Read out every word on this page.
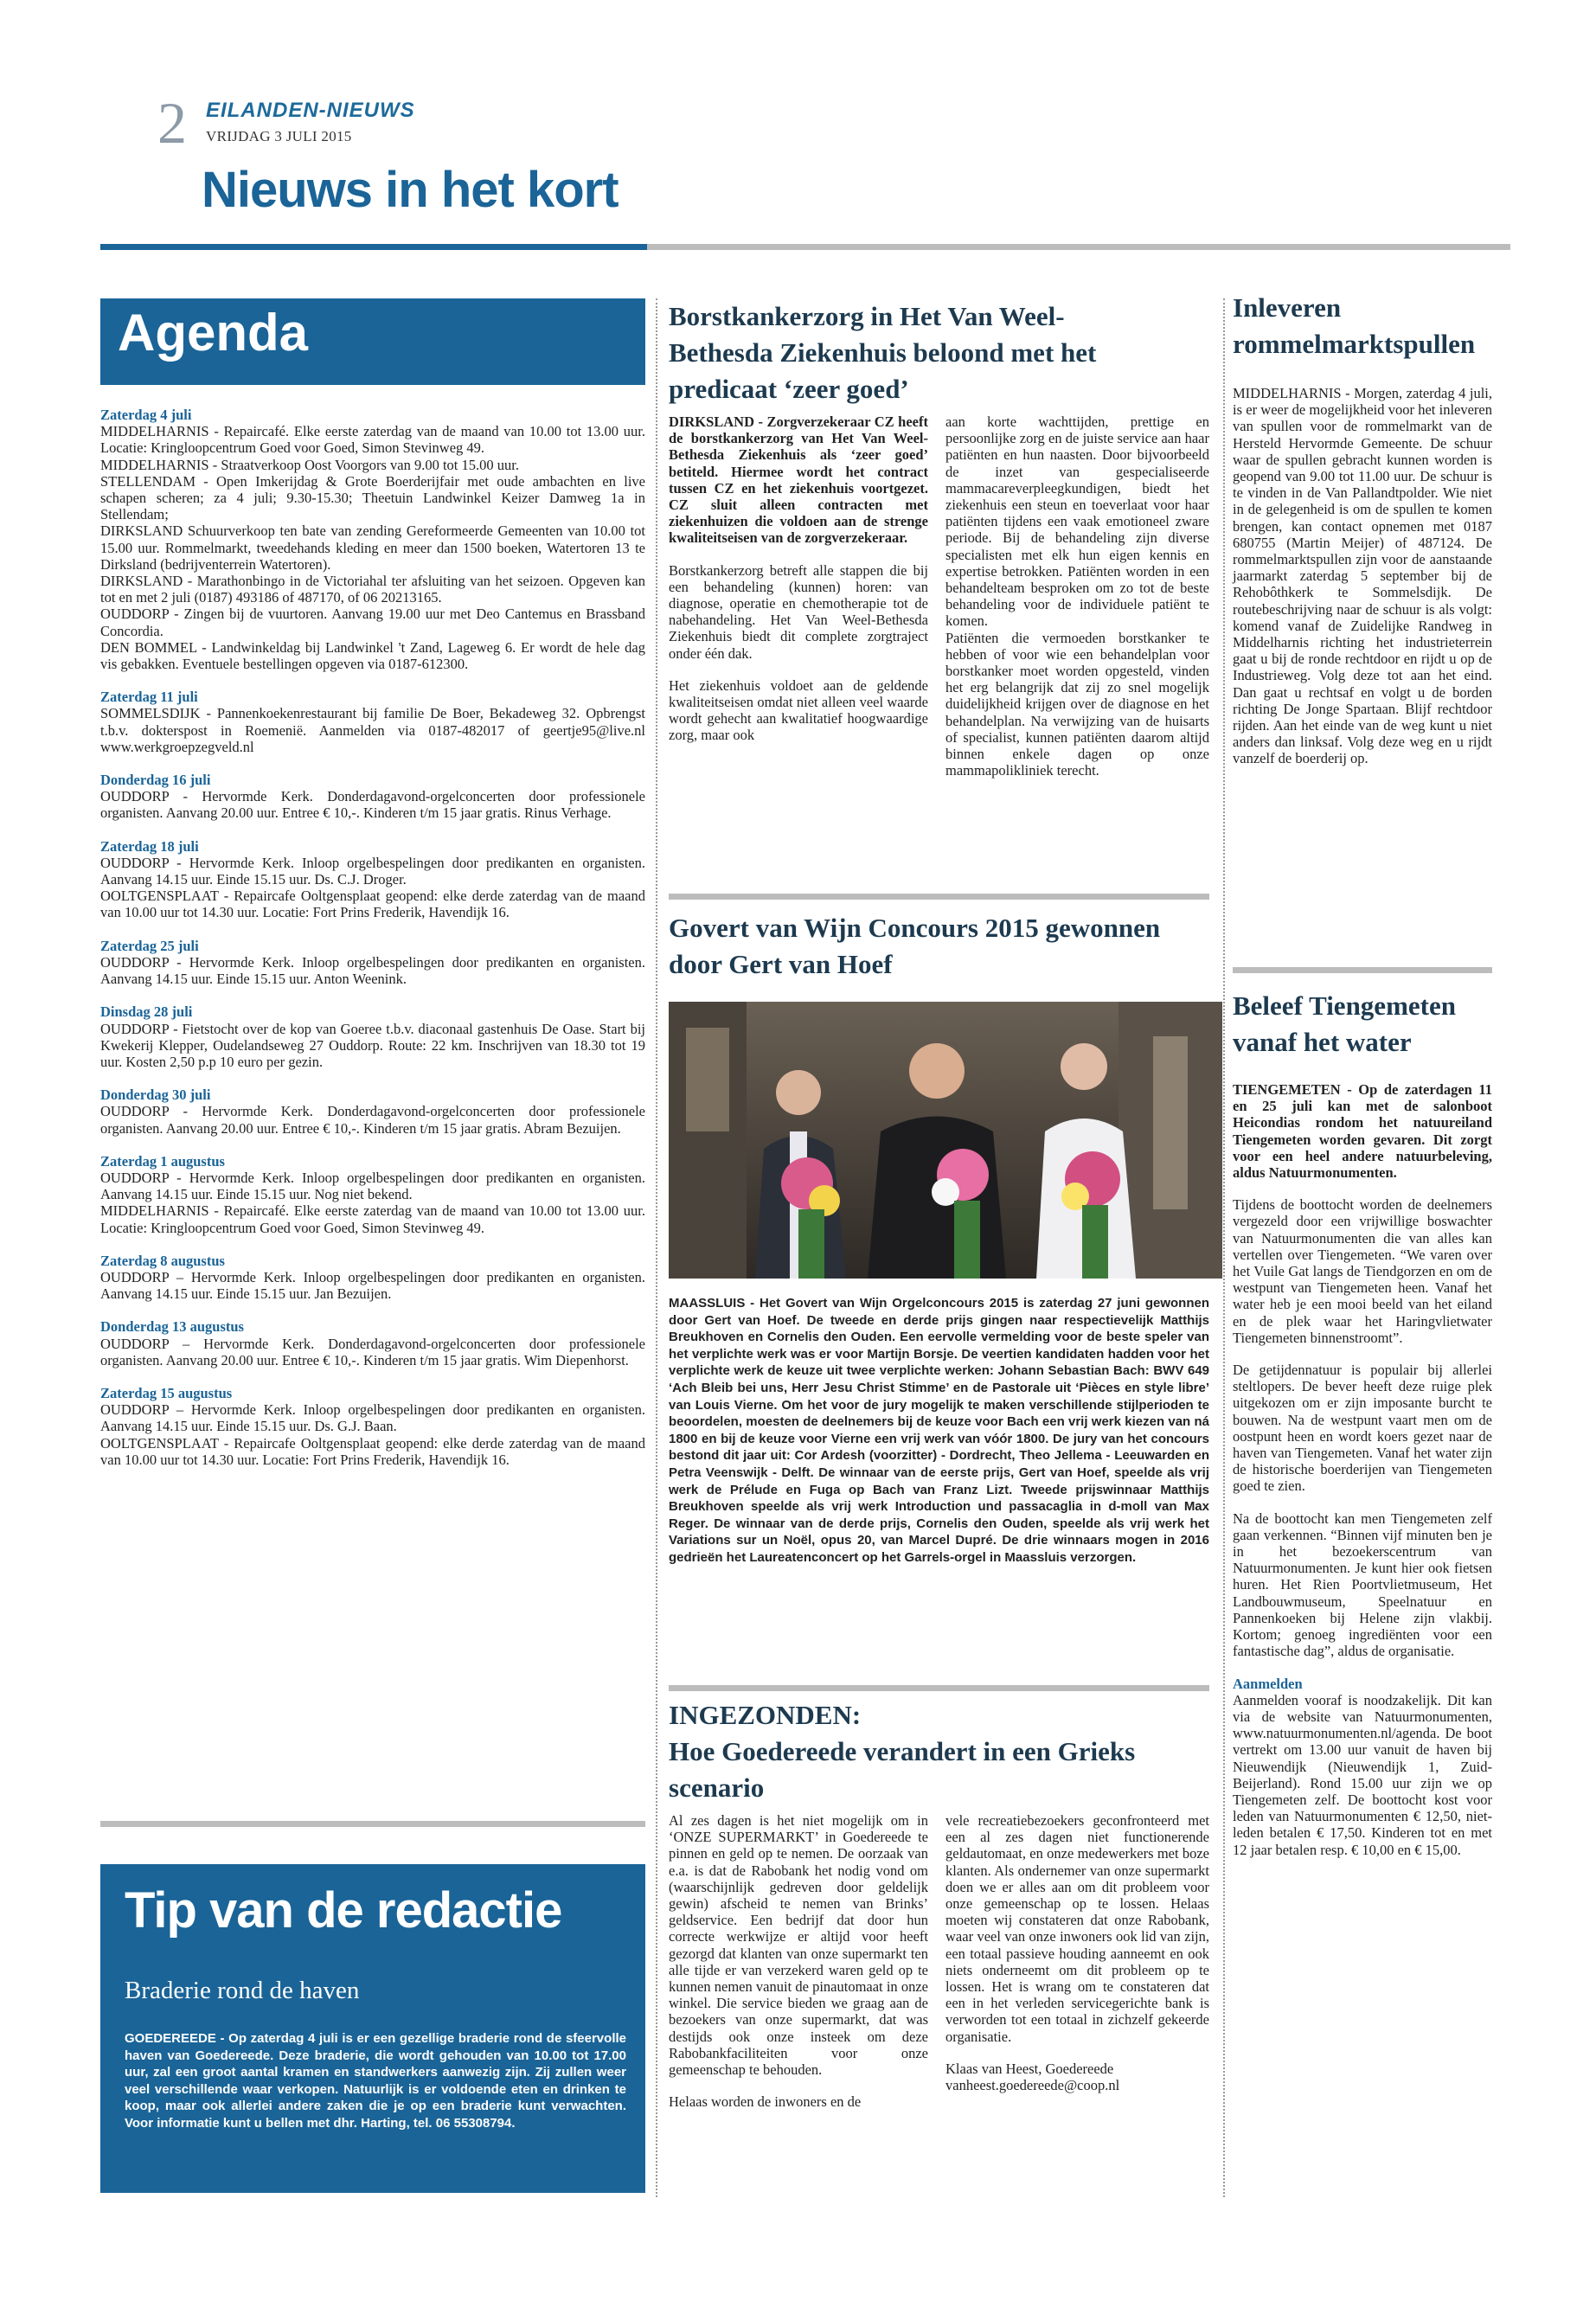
2 EILANDEN-NIEUWS
VRIJDAG 3 JULI 2015
Nieuws in het kort
Agenda
Zaterdag 4 juli
MIDDELHARNIS - Repaircafé. Elke eerste zaterdag van de maand van 10.00 tot 13.00 uur. Locatie: Kringloopcentrum Goed voor Goed, Simon Stevinweg 49.
MIDDELHARNIS - Straatverkoop Oost Voorgors van 9.00 tot 15.00 uur.
STELLENDAM - Open Imkerijdag & Grote Boerderijfair met oude ambachten en live schapen scheren; za 4 juli; 9.30-15.30; Theetuin Landwinkel Keizer Damweg 1a in Stellendam;
DIRKSLAND Schuurverkoop ten bate van zending Gereformeerde Gemeenten van 10.00 tot 15.00 uur. Rommelmarkt, tweedehands kleding en meer dan 1500 boeken, Watertoren 13 te Dirksland (bedrijventerrein Watertoren).
DIRKSLAND - Marathonbingo in de Victoriahal ter afsluiting van het seizoen. Opgeven kan tot en met 2 juli (0187) 493186 of 487170, of 06 20213165.
OUDDORP - Zingen bij de vuurtoren. Aanvang 19.00 uur met Deo Cantemus en Brassband Concordia.
DEN BOMMEL - Landwinkeldag bij Landwinkel 't Zand, Lageweg 6. Er wordt de hele dag vis gebakken. Eventuele bestellingen opgeven via 0187-612300.
Zaterdag 11 juli
SOMMELSDIJK - Pannenkoekenrestaurant bij familie De Boer, Bekadeweg 32. Opbrengst t.b.v. dokterspost in Roemenië. Aanmelden via 0187-482017 of geertje95@live.nl www.werkgroepzegveld.nl
Donderdag 16 juli
OUDDORP - Hervormde Kerk. Donderdagavond-orgelconcerten door professionele organisten. Aanvang 20.00 uur. Entree € 10,-. Kinderen t/m 15 jaar gratis. Rinus Verhage.
Zaterdag 18 juli
OUDDORP - Hervormde Kerk. Inloop orgelbespelingen door predikanten en organisten. Aanvang 14.15 uur. Einde 15.15 uur. Ds. C.J. Droger.
OOLTGENSPLAAT - Repaircafe Ooltgensplaat geopend: elke derde zaterdag van de maand van 10.00 uur tot 14.30 uur. Locatie: Fort Prins Frederik, Havendijk 16.
Zaterdag 25 juli
OUDDORP - Hervormde Kerk. Inloop orgelbespelingen door predikanten en organisten. Aanvang 14.15 uur. Einde 15.15 uur. Anton Weenink.
Dinsdag 28 juli
OUDDORP - Fietstocht over de kop van Goeree t.b.v. diaconaal gastenhuis De Oase. Start bij Kwekerij Klepper, Oudelandseweg 27 Ouddorp. Route: 22 km. Inschrijven van 18.30 tot 19 uur. Kosten 2,50 p.p 10 euro per gezin.
Donderdag 30 juli
OUDDORP - Hervormde Kerk. Donderdagavond-orgelconcerten door professionele organisten. Aanvang 20.00 uur. Entree € 10,-. Kinderen t/m 15 jaar gratis. Abram Bezuijen.
Zaterdag 1 augustus
OUDDORP - Hervormde Kerk. Inloop orgelbespelingen door predikanten en organisten. Aanvang 14.15 uur. Einde 15.15 uur. Nog niet bekend.
MIDDELHARNIS - Repaircafé. Elke eerste zaterdag van de maand van 10.00 tot 13.00 uur. Locatie: Kringloopcentrum Goed voor Goed, Simon Stevinweg 49.
Zaterdag 8 augustus
OUDDORP – Hervormde Kerk. Inloop orgelbespelingen door predikanten en organisten. Aanvang 14.15 uur. Einde 15.15 uur. Jan Bezuijen.
Donderdag 13 augustus
OUDDORP – Hervormde Kerk. Donderdagavond-orgelconcerten door professionele organisten. Aanvang 20.00 uur. Entree € 10,-. Kinderen t/m 15 jaar gratis. Wim Diepenhorst.
Zaterdag 15 augustus
OUDDORP – Hervormde Kerk. Inloop orgelbespelingen door predikanten en organisten. Aanvang 14.15 uur. Einde 15.15 uur. Ds. G.J. Baan.
OOLTGENSPLAAT - Repaircafe Ooltgensplaat geopend: elke derde zaterdag van de maand van 10.00 uur tot 14.30 uur. Locatie: Fort Prins Frederik, Havendijk 16.
Tip van de redactie
Braderie rond de haven
GOEDEREEDE - Op zaterdag 4 juli is er een gezellige braderie rond de sfeervolle haven van Goedereede. Deze braderie, die wordt gehouden van 10.00 tot 17.00 uur, zal een groot aantal kramen en standwerkers aanwezig zijn. Zij zullen weer veel verschillende waar verkopen. Natuurlijk is er voldoende eten en drinken te koop, maar ook allerlei andere zaken die je op een braderie kunt verwachten. Voor informatie kunt u bellen met dhr. Harting, tel. 06 55308794.
Borstkankerzorg in Het Van Weel-Bethesda Ziekenhuis beloond met het predicaat ‘zeer goed’

DIRKSLAND - Zorgverzekeraar CZ heeft de borstkankerzorg van Het Van Weel-Bethesda Ziekenhuis als ‘zeer goed’ betiteld. Hiermee wordt het contract tussen CZ en het ziekenhuis voortgezet. CZ sluit alleen contracten met ziekenhuizen die voldoen aan de strenge kwaliteitseisen van de zorgverzekeraar.

Borstkankerzorg betreft alle stappen die bij een behandeling (kunnen) horen: van diagnose, operatie en chemotherapie tot de nabehandeling. Het Van Weel-Bethesda Ziekenhuis biedt dit complete zorgtraject onder één dak.

Het ziekenhuis voldoet aan de geldende kwaliteitseisen omdat niet alleen veel waarde wordt gehecht aan kwalitatief hoogwaardige zorg, maar ook

aan korte wachttijden, prettige en persoonlijke zorg en de juiste service aan haar patiënten en hun naasten. Door bijvoorbeeld de inzet van gespecialiseerde mammacareverpleegkundigen, biedt het ziekenhuis een steun en toeverlaat voor haar patiënten tijdens een vaak emotioneel zware periode. Bij de behandeling zijn diverse specialisten met elk hun eigen kennis en expertise betrokken. Patiënten worden in een behandelteam besproken om zo tot de beste behandeling voor de individuele patiënt te komen.

Patiënten die vermoeden borstkanker te hebben of voor wie een behandelplan voor borstkanker moet worden opgesteld, vinden het erg belangrijk dat zij zo snel mogelijk duidelijkheid krijgen over de diagnose en het behandelplan. Na verwijzing van de huisarts of specialist, kunnen patiënten daarom altijd binnen enkele dagen op onze mammapolikliniek terecht.

Govert van Wijn Concours 2015 gewonnen door Gert van Hoef
MAASSLUIS - Het Govert van Wijn Orgelconcours 2015 is zaterdag 27 juni gewonnen door Gert van Hoef. De tweede en derde prijs gingen naar respectievelijk Matthijs Breukhoven en Cornelis den Ouden. Een eervolle vermelding voor de beste speler van het verplichte werk was er voor Martijn Borsje. De veertien kandidaten hadden voor het verplichte werk de keuze uit twee verplichte werken: Johann Sebastian Bach: BWV 649 ‘Ach Bleib bei uns, Herr Jesu Christ Stimme’ en de Pastorale uit ‘Pièces en style libre’ van Louis Vierne. Om het voor de jury mogelijk te maken verschillende stijlperioden te beoordelen, moesten de deelnemers bij de keuze voor Bach een vrij werk kiezen van ná 1800 en bij de keuze voor Vierne een vrij werk van vóór 1800. De jury van het concours bestond dit jaar uit: Cor Ardesh (voorzitter) - Dordrecht, Theo Jellema - Leeuwarden en Petra Veenswijk - Delft. De winnaar van de eerste prijs, Gert van Hoef, speelde als vrij werk de Prélude en Fuga op Bach van Franz Lizt. Tweede prijswinnaar Matthijs Breukhoven speelde als vrij werk Introduction und passacaglia in d-moll van Max Reger. De winnaar van de derde prijs, Cornelis den Ouden, speelde als vrij werk het Variations sur un Noël, opus 20, van Marcel Dupré. De drie winnaars mogen in 2016 gedrieën het Laureatenconcert op het Garrels-orgel in Maassluis verzorgen.
INGEZONDEN:
Hoe Goedereede verandert in een Grieks scenario

Al zes dagen is het niet mogelijk om in ‘ONZE SUPERMARKT’ in Goedereede te pinnen en geld op te nemen. De oorzaak van e.a. is dat de Rabobank het nodig vond om (waarschijnlijk gedreven door geldelijk gewin) afscheid te nemen van Brinks’ geldservice. Een bedrijf dat door hun correcte werkwijze er altijd voor heeft gezorgd dat klanten van onze supermarkt ten alle tijde er van verzekerd waren geld op te kunnen nemen vanuit de pinautomaat in onze winkel. Die service bieden we graag aan de bezoekers van onze supermarkt, dat was destijds ook onze insteek om deze Rabobankfaciliteiten voor onze gemeenschap te behouden.

Helaas worden de inwoners en de

vele recreatiebezoekers geconfronteerd met een al zes dagen niet functionerende geldautomaat, en onze medewerkers met boze klanten. Als ondernemer van onze supermarkt doen we er alles aan om dit probleem voor onze gemeenschap op te lossen. Helaas moeten wij constateren dat onze Rabobank, waar veel van onze inwoners ook lid van zijn, een totaal passieve houding aanneemt en ook niets onderneemt om dit probleem op te lossen. Het is wrang om te constateren dat een in het verleden servicegerichte bank is verworden tot een totaal in zichzelf gekeerde organisatie.

Klaas van Heest, Goedereede
vanheest.goedereede@coop.nl
Inleveren rommelmarktspullen

MIDDELHARNIS - Morgen, zaterdag 4 juli, is er weer de mogelijkheid voor het inleveren van spullen voor de rommelmarkt van de Hersteld Hervormde Gemeente. De schuur waar de spullen gebracht kunnen worden is geopend van 9.00 tot 11.00 uur. De schuur is te vinden in de Van Pallandtpolder. Wie niet in de gelegenheid is om de spullen te komen brengen, kan contact opnemen met 0187 680755 (Martin Meijer) of 487124. De rommelmarktspullen zijn voor de aanstaande jaarmarkt zaterdag 5 september bij de Rehobôthkerk te Sommelsdijk. De routebeschrijving naar de schuur is als volgt: komend vanaf de Zuidelijke Randweg in Middelharnis richting het industrieterrein gaat u bij de ronde rechtdoor en rijdt u op de Industrieweg. Volg deze tot aan het eind. Dan gaat u rechtsaf en volgt u de borden richting De Jonge Spartaan. Blijf rechtdoor rijden. Aan het einde van de weg kunt u niet anders dan linksaf. Volg deze weg en u rijdt vanzelf de boerderij op.

Beleef Tiengemeten vanaf het water

TIENGEMETEN - Op de zaterdagen 11 en 25 juli kan met de salonboot Heicondias rondom het natuureiland Tiengemeten worden gevaren. Dit zorgt voor een heel andere natuurbeleving, aldus Natuurmonumenten.

Tijdens de boottocht worden de deelnemers vergezeld door een vrijwillige boswachter van Natuurmonumenten die van alles kan vertellen over Tiengemeten. “We varen over het Vuile Gat langs de Tiendgorzen en om de westpunt van Tiengemeten heen. Vanaf het water heb je een mooi beeld van het eiland en de plek waar het Haringvlietwater Tiengemeten binnenstroomt”.

De getijdennatuur is populair bij allerlei steltlopers. De bever heeft deze ruige plek uitgekozen om er zijn imposante burcht te bouwen. Na de westpunt vaart men om de oostpunt heen en wordt koers gezet naar de haven van Tiengemeten. Vanaf het water zijn de historische boerderijen van Tiengemeten goed te zien.

Na de boottocht kan men Tiengemeten zelf gaan verkennen. “Binnen vijf minuten ben je in het bezoekerscentrum van Natuurmonumenten. Je kunt hier ook fietsen huren. Het Rien Poortvlietmuseum, Het Landbouwmuseum, Speelnatuur en Pannenkoeken bij Helene zijn vlakbij. Kortom; genoeg ingrediënten voor een fantastische dag”, aldus de organisatie.

Aanmelden

Aanmelden vooraf is noodzakelijk. Dit kan via de website van Natuurmonumenten, www.natuurmonumenten.nl/agenda. De boot vertrekt om 13.00 uur vanuit de haven bij Nieuwendijk (Nieuwendijk 1, Zuid-Beijerland). Rond 15.00 uur zijn we op Tiengemeten zelf. De boottocht kost voor leden van Natuurmonumenten € 12,50, niet-leden betalen € 17,50. Kinderen tot en met 12 jaar betalen resp. € 10,00 en € 15,00.
